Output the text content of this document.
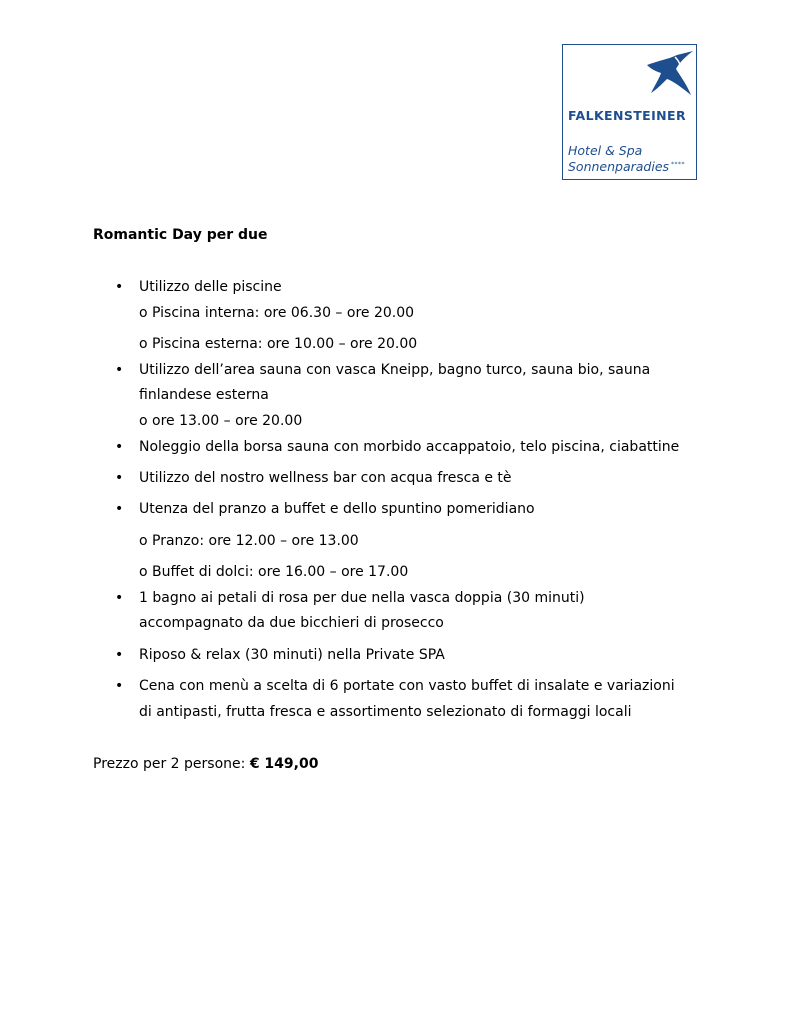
FALKENSTEINER
Hotel & Spa
Sonnenparadies ****
Romantic Day per due
• Utilizzo delle piscine
o Piscina interna: ore 06.30 – ore 20.00
o Piscina esterna: ore 10.00 – ore 20.00
• Utilizzo dell’area sauna con vasca Kneipp, bagno turco, sauna bio, sauna
finlandese esterna
o ore 13.00 – ore 20.00
• Noleggio della borsa sauna con morbido accappatoio, telo piscina, ciabattine
• Utilizzo del nostro wellness bar con acqua fresca e tè
• Utenza del pranzo a buffet e dello spuntino pomeridiano
o Pranzo: ore 12.00 – ore 13.00
o Buffet di dolci: ore 16.00 – ore 17.00
• 1 bagno ai petali di rosa per due nella vasca doppia (30 minuti)
accompagnato da due bicchieri di prosecco
• Riposo & relax (30 minuti) nella Private SPA
• Cena con menù a scelta di 6 portate con vasto buffet di insalate e variazioni
di antipasti, frutta fresca e assortimento selezionato di formaggi locali
Prezzo per 2 persone: € 149,00
